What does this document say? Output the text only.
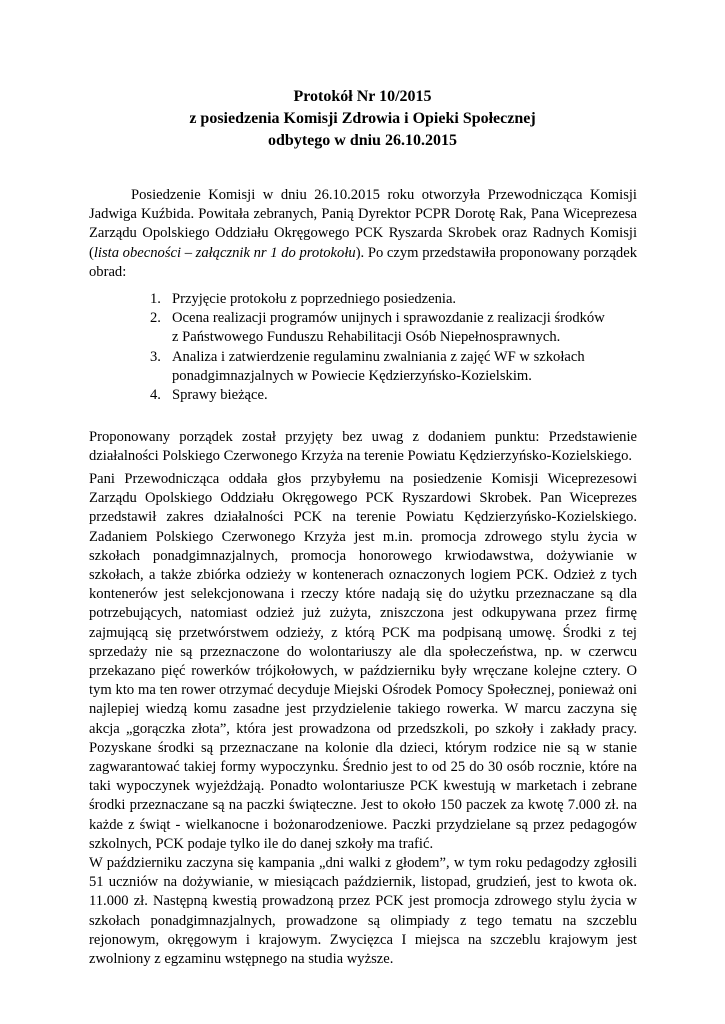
Protokół Nr 10/2015
z posiedzenia Komisji Zdrowia i Opieki Społecznej
odbytego w dniu 26.10.2015

Posiedzenie Komisji w dniu 26.10.2015 roku otworzyła Przewodnicząca Komisji Jadwiga Kuźbida. Powitała zebranych, Panią Dyrektor PCPR Dorotę Rak, Pana Wiceprezesa Zarządu Opolskiego Oddziału Okręgowego PCK Ryszarda Skrobek oraz Radnych Komisji (lista obecności – załącznik nr 1 do protokołu). Po czym przedstawiła proponowany porządek obrad:

1. Przyjęcie protokołu z poprzedniego posiedzenia.
2. Ocena realizacji programów unijnych i sprawozdanie z realizacji środków
z Państwowego Funduszu Rehabilitacji Osób Niepełnosprawnych.
3. Analiza i zatwierdzenie regulaminu zwalniania z zajęć WF w szkołach
ponadgimnazjalnych w Powiecie Kędzierzyńsko-Kozielskim.
4. Sprawy bieżące.

Proponowany porządek został przyjęty bez uwag z dodaniem punktu: Przedstawienie działalności Polskiego Czerwonego Krzyża na terenie Powiatu Kędzierzyńsko-Kozielskiego.

Pani Przewodnicząca oddała głos przybyłemu na posiedzenie Komisji Wiceprezesowi Zarządu Opolskiego Oddziału Okręgowego PCK Ryszardowi Skrobek. Pan Wiceprezes przedstawił zakres działalności PCK na terenie Powiatu Kędzierzyńsko-Kozielskiego. Zadaniem Polskiego Czerwonego Krzyża jest m.in. promocja zdrowego stylu życia w szkołach ponadgimnazjalnych, promocja honorowego krwiodawstwa, dożywianie w szkołach, a także zbiórka odzieży w kontenerach oznaczonych logiem PCK. Odzież z tych kontenerów jest selekcjonowana i rzeczy które nadają się do użytku przeznaczane są dla potrzebujących, natomiast odzież już zużyta, zniszczona jest odkupywana przez firmę zajmującą się przetwórstwem odzieży, z którą PCK ma podpisaną umowę. Środki z tej sprzedaży nie są przeznaczone do wolontariuszy ale dla społeczeństwa, np. w czerwcu przekazano pięć rowerków trójkołowych, w październiku były wręczane kolejne cztery. O tym kto ma ten rower otrzymać decyduje Miejski Ośrodek Pomocy Społecznej, ponieważ oni najlepiej wiedzą komu zasadne jest przydzielenie takiego rowerka. W marcu zaczyna się akcja „gorączka złota”, która jest prowadzona od przedszkoli, po szkoły i zakłady pracy. Pozyskane środki są przeznaczane na kolonie dla dzieci, którym rodzice nie są w stanie zagwarantować takiej formy wypoczynku. Średnio jest to od 25 do 30 osób rocznie, które na taki wypoczynek wyjeżdżają. Ponadto wolontariusze PCK kwestują w marketach i zebrane środki przeznaczane są na paczki świąteczne. Jest to około 150 paczek za kwotę 7.000 zł. na każde z świąt - wielkanocne i bożonarodzeniowe. Paczki przydzielane są przez pedagogów szkolnych, PCK podaje tylko ile do danej szkoły ma trafić.

W październiku zaczyna się kampania „dni walki z głodem”, w tym roku pedagodzy zgłosili 51 uczniów na dożywianie, w miesiącach październik, listopad, grudzień, jest to kwota ok. 11.000 zł. Następną kwestią prowadzoną przez PCK jest promocja zdrowego stylu życia w szkołach ponadgimnazjalnych, prowadzone są olimpiady z tego tematu na szczeblu rejonowym, okręgowym i krajowym. Zwycięzca I miejsca na szczeblu krajowym jest zwolniony z egzaminu wstępnego na studia wyższe.
